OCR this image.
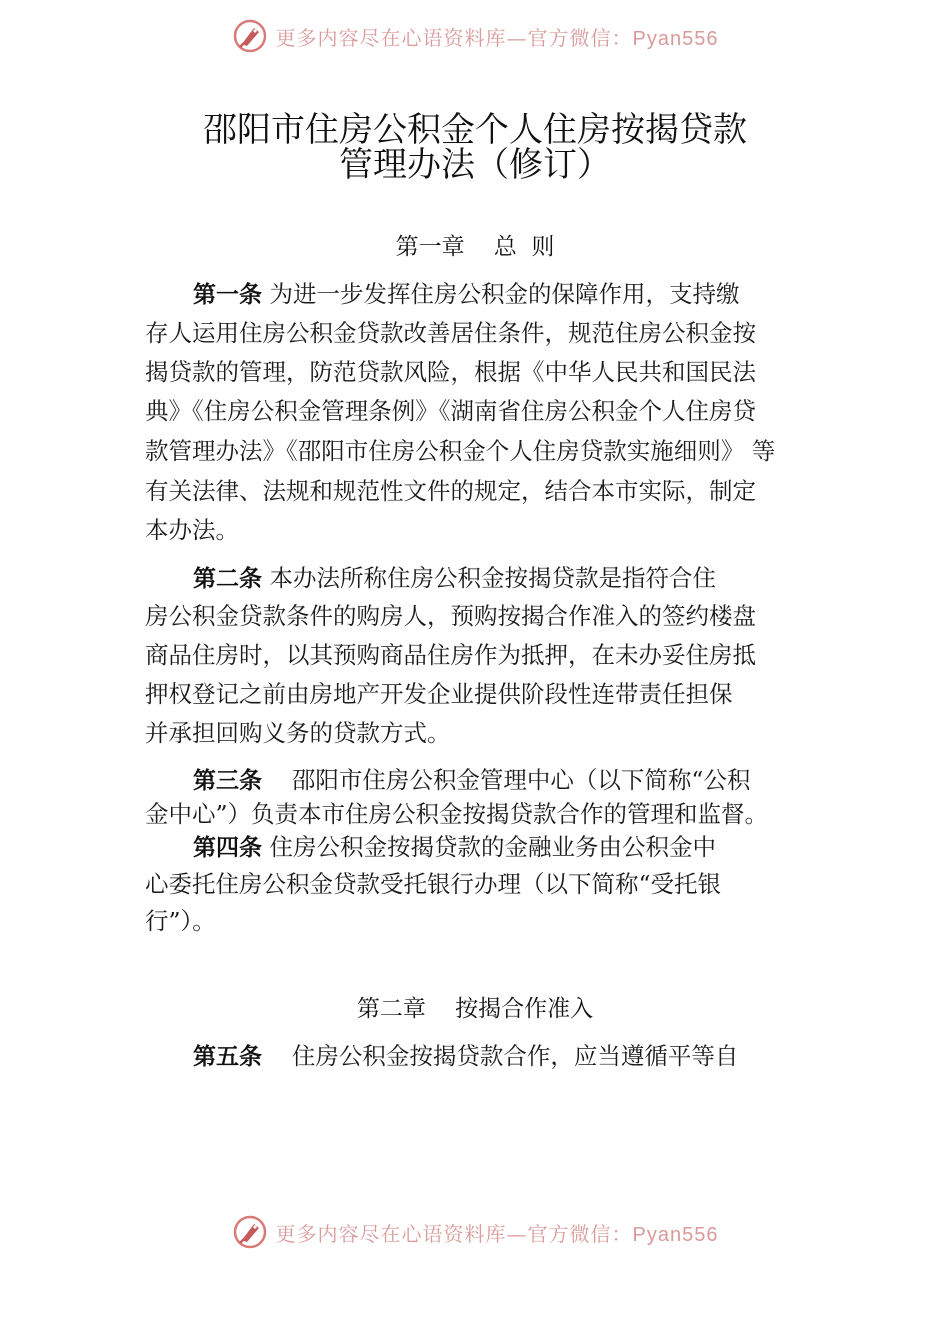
更多内容尽在心语资料库—官方微信：Pyan556
邵阳市住房公积金个人住房按揭贷款
管理办法（修订）
第一章    总  则
第一条 为进一步发挥住房公积金的保障作用，支持缴
存人运用住房公积金贷款改善居住条件，规范住房公积金按
揭贷款的管理，防范贷款风险，根据《中华人民共和国民法
典》《住房公积金管理条例》《湖南省住房公积金个人住房贷
款管理办法》《邵阳市住房公积金个人住房贷款实施细则》 等
有关法律、法规和规范性文件的规定，结合本市实际，制定
本办法。
第二条 本办法所称住房公积金按揭贷款是指符合住
房公积金贷款条件的购房人，预购按揭合作准入的签约楼盘
商品住房时，以其预购商品住房作为抵押，在未办妥住房抵
押权登记之前由房地产开发企业提供阶段性连带责任担保
并承担回购义务的贷款方式。
第三条    邵阳市住房公积金管理中心（以下简称“公积
金中心”）负责本市住房公积金按揭贷款合作的管理和监督。
第四条 住房公积金按揭贷款的金融业务由公积金中
心委托住房公积金贷款受托银行办理（以下简称“受托银
行”）。
第二章    按揭合作准入
第五条    住房公积金按揭贷款合作，应当遵循平等自
更多内容尽在心语资料库—官方微信：Pyan556
